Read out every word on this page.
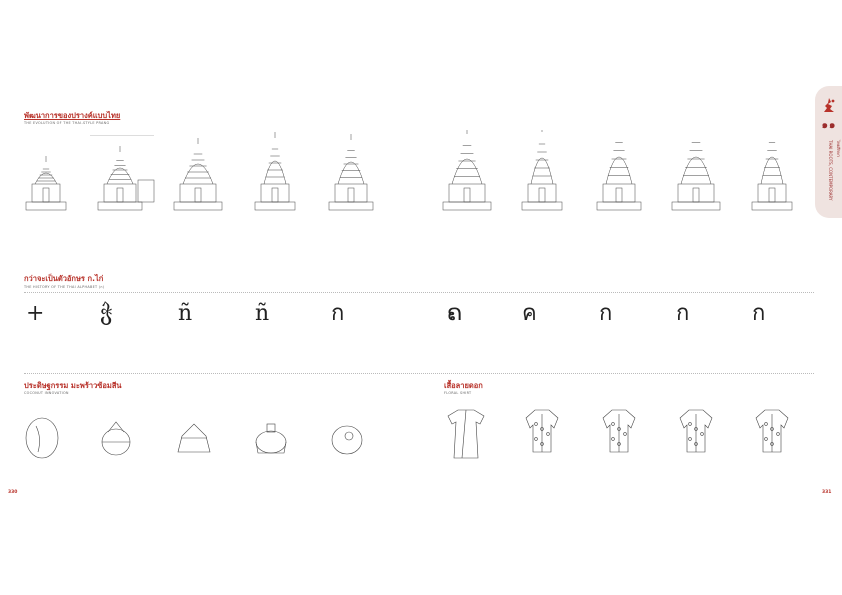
๑๑
ไทยศึกษา
THAI ROOTS, CONTEMPORARY
พัฒนาการของปรางค์แบบไทย
THE EVOLUTION OF THE THAI-STYLE PRANG
กว่าจะเป็นตัวอักษร ก.ไก่
THE HISTORY OF THE THAI ALPHABET (ก)
+	ჭ	ñ	ñ	ก	ຄ	ค	ก	ก	ก
ประดิษฐกรรม มะพร้าวซ้อมสีน
COCONUT INNOVATION
เสื้อลายดอก
FLORAL SHIRT
330	331
